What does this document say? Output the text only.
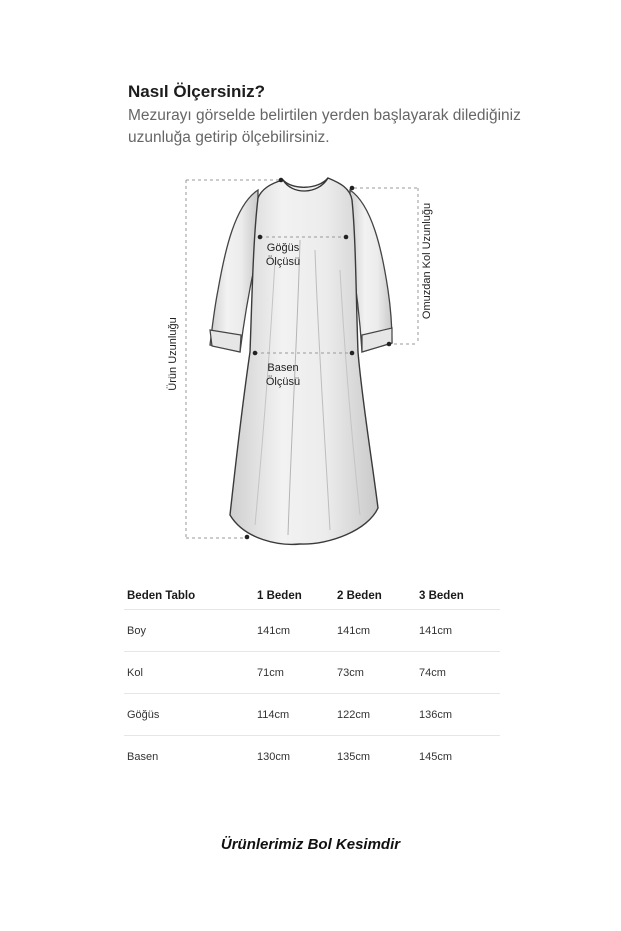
Nasıl Ölçersiniz?
Mezurayı görselde belirtilen yerden başlayarak dilediğiniz uzunluğa getirip ölçebilirsiniz.
Göğüs
Ölçüsü
Basen
Ölçüsü
Ürün Uzunluğu
Omuzdan Kol Uzunluğu
Beden Tablo	1 Beden	2 Beden	3 Beden
Boy	141cm	141cm	141cm
Kol	71cm	73cm	74cm
Göğüs	114cm	122cm	136cm
Basen	130cm	135cm	145cm
Ürünlerimiz Bol Kesimdir
